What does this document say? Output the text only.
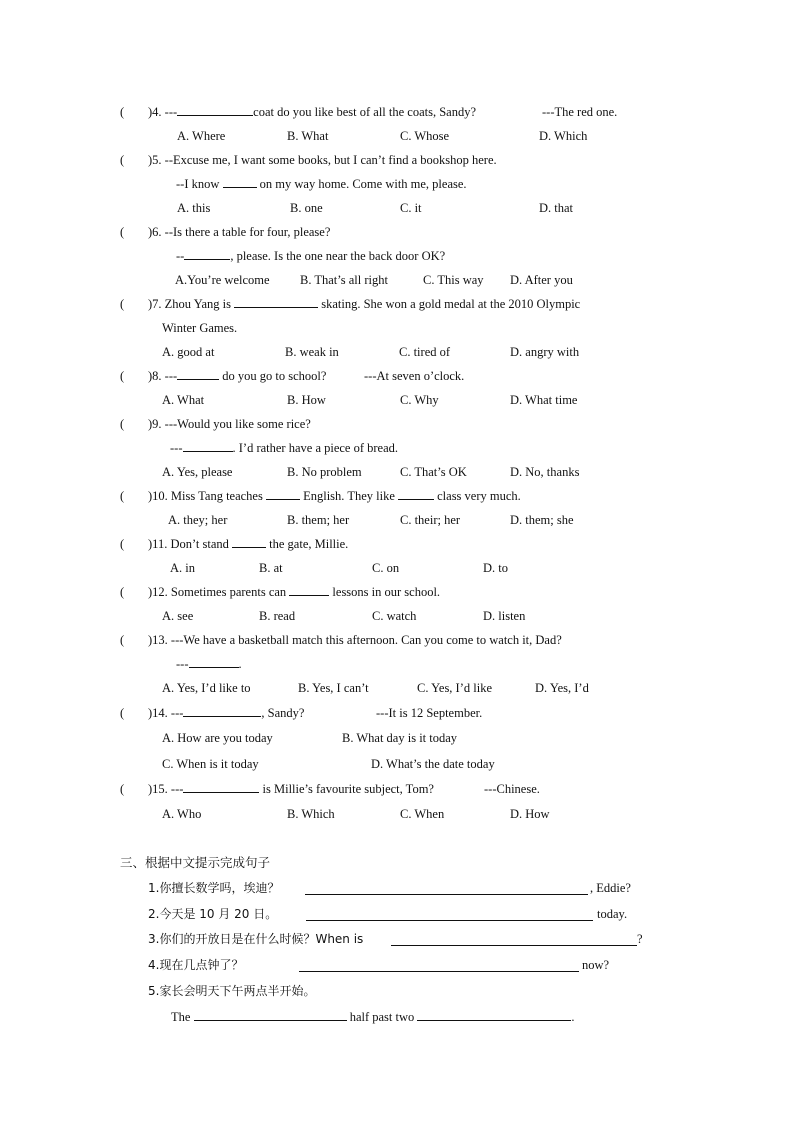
( )4. ---	coat do you like best of all the coats, Sandy?	---The red one.
A. Where	B. What	C. Whose	D. Which
( )5. --Excuse me, I want some books, but I can’t find a bookshop here.
--I know	on my way home. Come with me, please.
A. this	B. one	C. it	D. that
( )6. --Is there a table for four, please?
--	, please. Is the one near the back door OK?
A.You’re welcome B. That’s all right	C. This way D. After you
( )7. Zhou Yang is	skating. She won a gold medal at the 2010 Olympic
Winter Games.
A. good at	B. weak in	C. tired of	D. angry with
( )8. ---	do you go to school?	---At seven o’clock.
A. What	B. How	C. Why	D. What time
( )9. ---Would you like some rice?
---	. I’d rather have a piece of bread.
A. Yes, please	B. No problem	C. That’s OK	D. No, thanks
( )10. Miss Tang teaches	English. They like	class very much.
A. they; her	B. them; her	C. their; her	D. them; she
( )11. Don’t stand	the gate, Millie.
A. in	B. at	C. on	D. to
( )12. Sometimes parents can	lessons in our school.
A. see	B. read	C. watch	D. listen
( )13. ---We have a basketball match this afternoon. Can you come to watch it, Dad?
---	.
A. Yes, I’d like to	B. Yes, I can’t	C. Yes, I’d like	D. Yes, I’d
( )14. ---	, Sandy?	---It is 12 September.
A. How are you today	B. What day is it today
C. When is it today	D. What’s the date today
( )15. ---	is Millie’s favourite subject, Tom?	---Chinese.
A. Who	B. Which	C. When	D. How
三、根据中文提示完成句子
1.你擅长数学吗，埃迪？	, Eddie?
2.今天是 10 月 20 日。	today.
3.你们的开放日是在什么时候？When is	?
4.现在几点钟了？	now?
5.家长会明天下午两点半开始。
The	half past two	.
